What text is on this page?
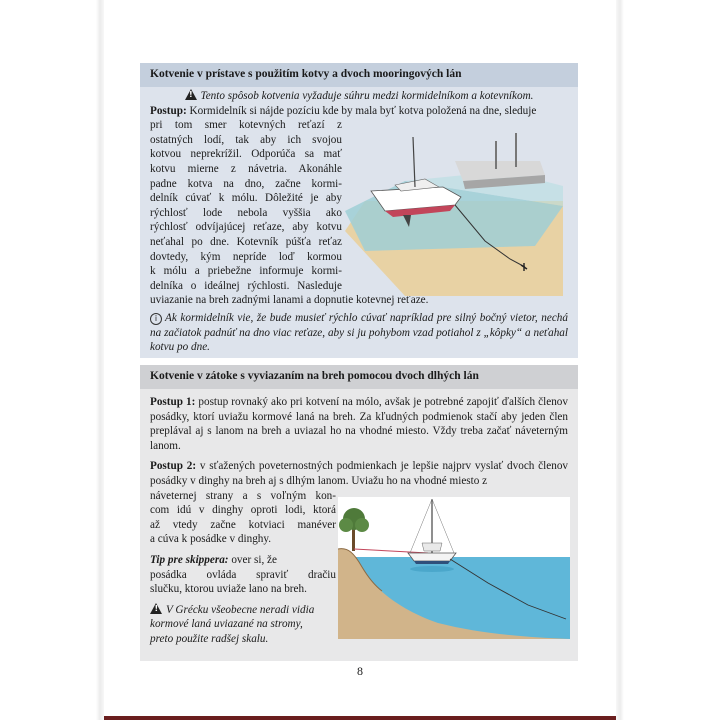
Kotvenie v prístave s použitím kotvy a dvoch mooringových lán
!Tento spôsob kotvenia vyžaduje súhru medzi kormidelníkom a kotevníkom.
Postup: Kormidelník si nájde pozíciu kde by mala byť kotva položená na dne, sleduje
pri tom smer kotevných reťazí z
ostatných lodí, tak aby ich svojou
kotvou neprekrížil. Odporúča sa mať
kotvu mierne z návetria. Akonáhle
padne kotva na dno, začne kormi-
delník cúvať k mólu. Dôležité je aby
rýchlosť lode nebola vyššia ako
rýchlosť odvíjajúcej reťaze, aby kotvu
neťahal po dne. Kotevník púšťa reťaz
dovtedy, kým nepríde loď kormou
k mólu a priebežne informuje kormi-
delníka o ideálnej rýchlosti. Nasleduje
uviazanie na breh zadnými lanami a dopnutie kotevnej reťaze.
i Ak kormidelník vie, že bude musieť rýchlo cúvať napríklad pre silný bočný vietor, nechá na začiatok padnúť na dno viac reťaze, aby si ju pohybom vzad potiahol z „kôpky“ a neťahal kotvu po dne.
Kotvenie v zátoke s vyviazaním na breh pomocou dvoch dlhých lán
Postup 1: postup rovnaký ako pri kotvení na mólo, avšak je potrebné zapojiť ďalších členov posádky, ktorí uviažu kormové laná na breh. Za kľudných podmienok stačí aby jeden člen preplával aj s lanom na breh a uviazal ho na vhodné miesto. Vždy treba začať náveterným lanom.
Postup 2: v sťažených poveternostných podmienkach je lepšie najprv vyslať dvoch členov posádky v dinghy na breh aj s dlhým lanom. Uviažu ho na vhodné miesto z
náveternej strany a s voľným kon-
com idú v dinghy oproti lodi, ktorá
až vtedy začne kotviaci manéver
a cúva k posádke v dinghy.
Tip pre skippera: over si, že
posádka ovláda spraviť dračiu
slučku, ktorou uviaže lano na breh.
!V Grécku všeobecne neradi vidia
kormové laná uviazané na stromy,
preto použite radšej skalu.
8
